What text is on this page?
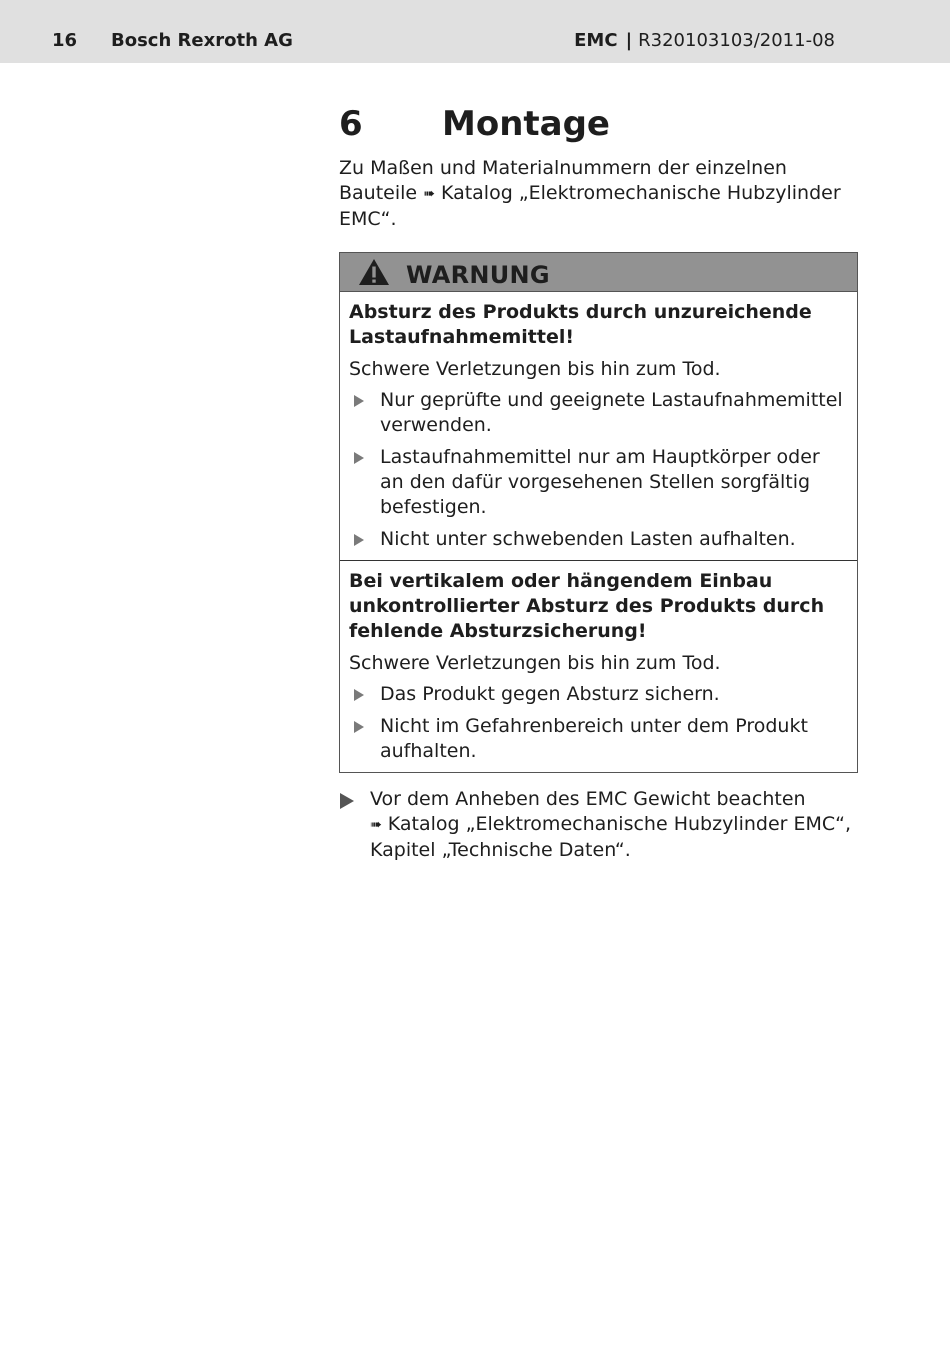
16 Bosch Rexroth AG	EMC | R320103103/2011-08
6	Montage
Zu Maßen und Materialnummern der einzelnen Bauteile ➠ Katalog „Elektromechanische Hubzylinder EMC“.
WARNUNG
Absturz des Produkts durch unzureichende Lastaufnahmemittel!
Schwere Verletzungen bis hin zum Tod.
Nur geprüfte und geeignete Lastaufnahmemittel verwenden.
Lastaufnahmemittel nur am Hauptkörper oder an den dafür vorgesehenen Stellen sorgfältig befestigen.
Nicht unter schwebenden Lasten aufhalten.
Bei vertikalem oder hängendem Einbau unkontrollierter Absturz des Produkts durch fehlende Absturzsicherung!
Schwere Verletzungen bis hin zum Tod.
Das Produkt gegen Absturz sichern.
Nicht im Gefahrenbereich unter dem Produkt aufhalten.
Vor dem Anheben des EMC Gewicht beachten
➠ Katalog „Elektromechanische Hubzylinder EMC“, Kapitel „Technische Daten“.
